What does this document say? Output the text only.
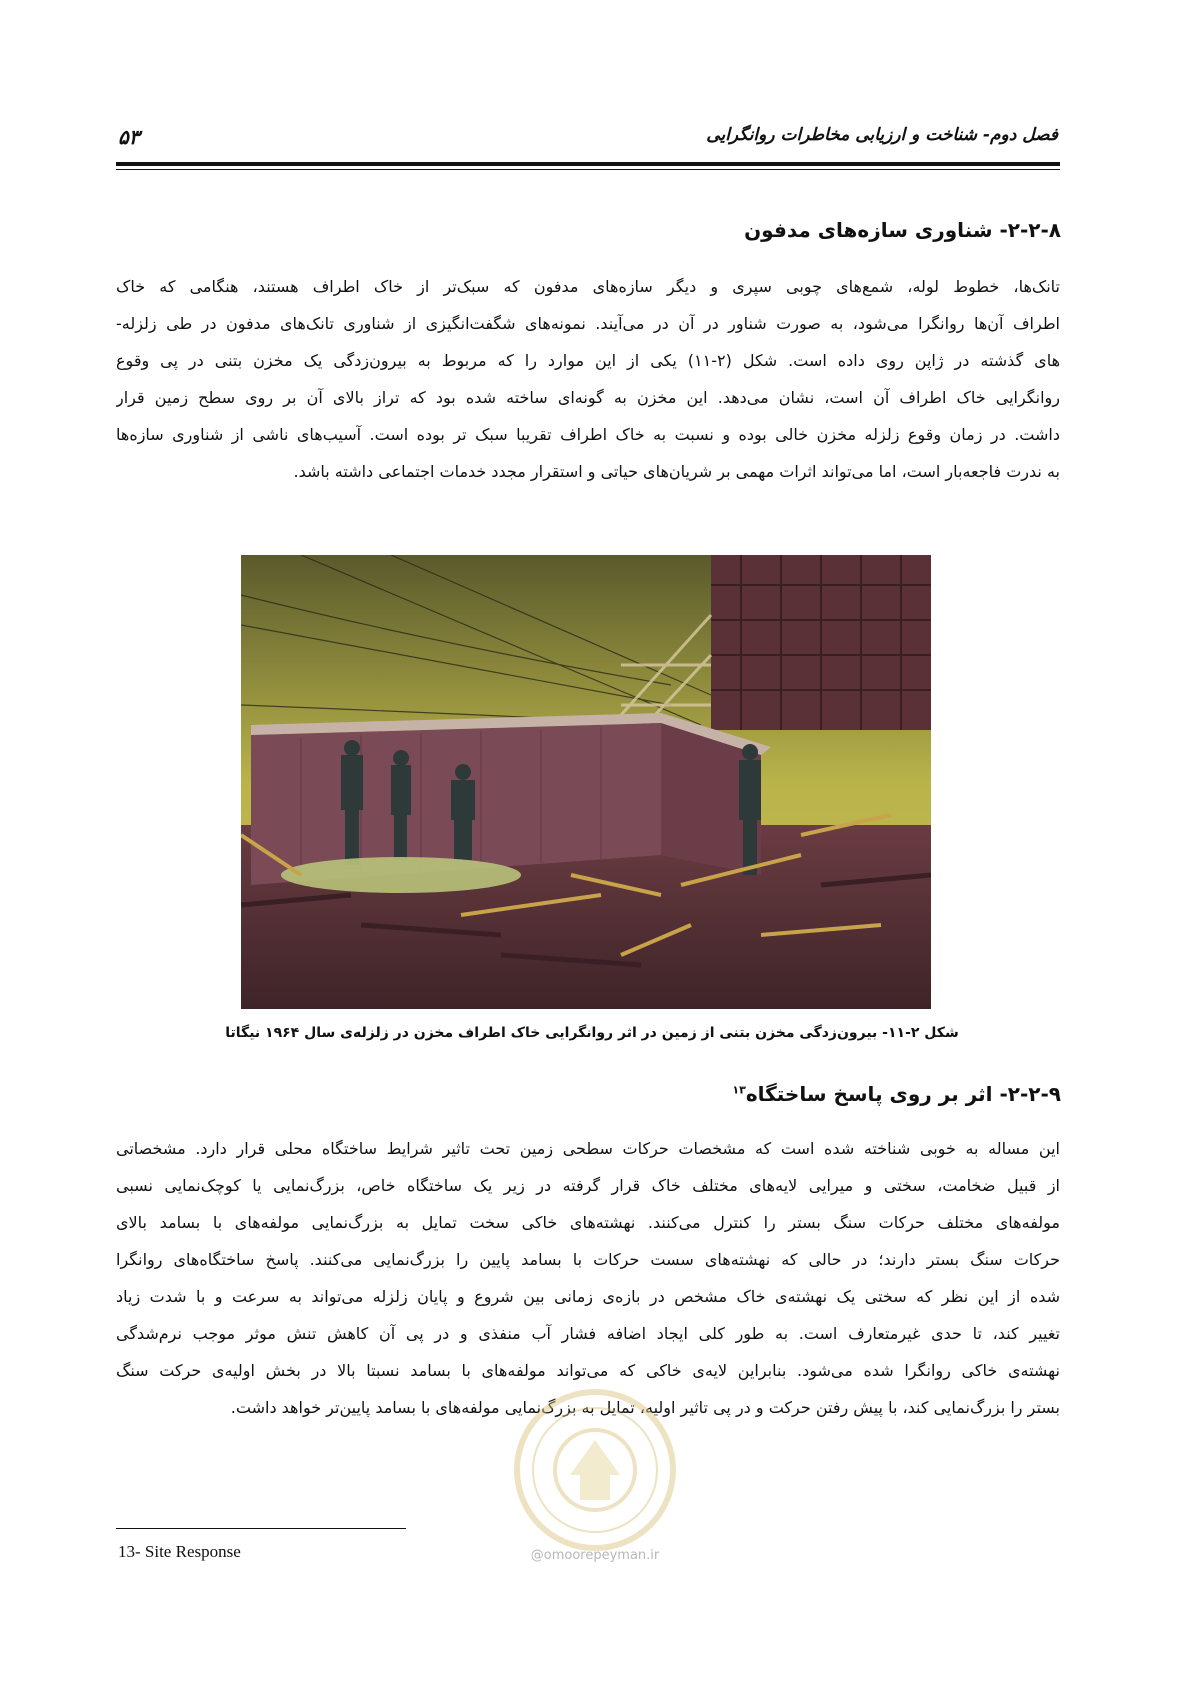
۵۳	فصل دوم- شناخت و ارزیابی مخاطرات روانگرایی
۲-۲-۸- شناوری سازه‌های مدفون
تانک‌ها، خطوط لوله، شمع‌های چوبی سپری و دیگر سازه‌های مدفون که سبک‌تر از خاک اطراف هستند، هنگامی که خاک
اطراف آن‌ها روانگرا می‌شود، به صورت شناور در آن در می‌آیند. نمونه‌های شگفت‌انگیزی از شناوری تانک‌های مدفون در طی زلزله-
های گذشته در ژاپن روی داده است. شکل (۲-۱۱) یکی از این موارد را که مربوط به بیرون‌زدگی یک مخزن بتنی در پی وقوع
روانگرایی خاک اطراف آن است، نشان می‌دهد. این مخزن به گونه‌ای ساخته شده بود که تراز بالای آن بر روی سطح زمین قرار
داشت. در زمان وقوع زلزله مخزن خالی بوده و نسبت به خاک اطراف تقریبا سبک تر بوده است. آسیب‌های ناشی از شناوری سازه‌ها
به ندرت فاجعه‌بار است، اما می‌تواند اثرات مهمی بر شریان‌های حیاتی و استقرار مجدد خدمات اجتماعی داشته باشد.
شکل ۲-۱۱- بیرون‌زدگی مخزن بتنی از زمین در اثر روانگرایی خاک اطراف مخزن در زلزله‌ی سال ۱۹۶۴ نیگاتا
۲-۲-۹- اثر بر روی پاسخ ساختگاه$^{۱۳}$
این مساله به خوبی شناخته شده است که مشخصات حرکات سطحی زمین تحت تاثیر شرایط ساختگاه محلی قرار دارد. مشخصاتی
از قبیل ضخامت، سختی و میرایی لایه‌های مختلف خاک قرار گرفته در زیر یک ساختگاه خاص، بزرگ‌نمایی یا کوچک‌نمایی نسبی
مولفه‌های مختلف حرکات سنگ بستر را کنترل می‌کنند. نهشته‌های خاکی سخت تمایل به بزرگ‌نمایی مولفه‌های با بسامد بالای
حرکات سنگ بستر دارند؛ در حالی که نهشته‌های سست حرکات با بسامد پایین را بزرگ‌نمایی می‌کنند. پاسخ ساختگاه‌های روانگرا
شده از این نظر که سختی یک نهشته‌ی خاک مشخص در بازه‌ی زمانی بین شروع و پایان زلزله می‌تواند به سرعت و با شدت زیاد
تغییر کند، تا حدی غیرمتعارف است. به طور کلی ایجاد اضافه فشار آب منفذی و در پی آن کاهش تنش موثر موجب نرم‌شدگی
نهشته‌ی خاکی روانگرا شده می‌شود. بنابراین لایه‌ی خاکی که می‌تواند مولفه‌های با بسامد نسبتا بالا در بخش اولیه‌ی حرکت سنگ
بستر را بزرگ‌نمایی کند، با پیش رفتن حرکت و در پی تاثیر اولیه، تمایل به بزرگ‌نمایی مولفه‌های با بسامد پایین‌تر خواهد داشت.
@omoorepeyman.ir
13- Site Response
